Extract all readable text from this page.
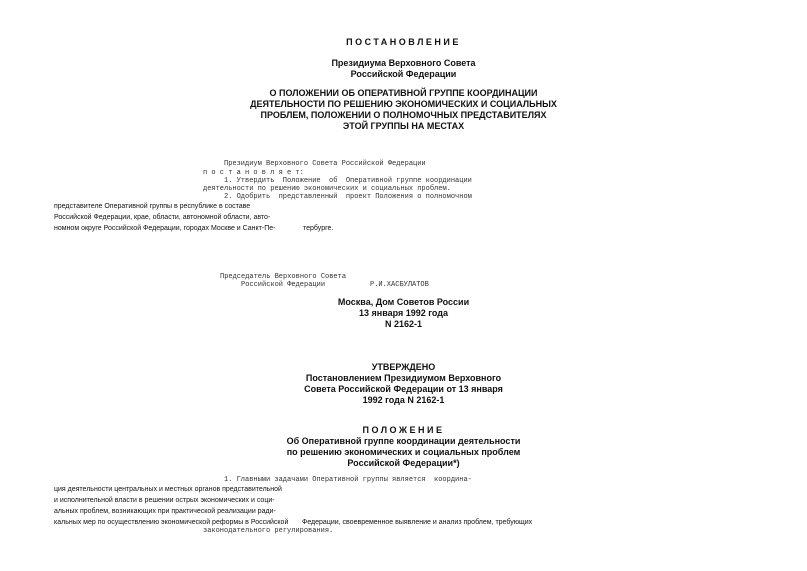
ПОСТАНОВЛЕНИЕ
Президиума Верховного Совета
Российской Федерации
О ПОЛОЖЕНИИ ОБ ОПЕРАТИВНОЙ ГРУППЕ КООРДИНАЦИИ
ДЕЯТЕЛЬНОСТИ ПО РЕШЕНИЮ ЭКОНОМИЧЕСКИХ И СОЦИАЛЬНЫХ
ПРОБЛЕМ, ПОЛОЖЕНИИ О ПОЛНОМОЧНЫХ ПРЕДСТАВИТЕЛЯХ
ЭТОЙ ГРУППЫ НА МЕСТАХ
Президиум Верховного Совета Российской Федерации
п о с т а н о в л я е т:
1. Утвердить  Положение  об  Оперативной группе координации
деятельности по решению экономических и социальных проблем.
2. Одобрить  представленный  проект Положения о полномочном
представителе Оперативной группы в республике в составе
Российской Федерации, крае, области, автономной области, авто-
номном округе Российской Федерации, городах Москве и Санкт-Пе-	тербурге.
Председатель Верховного Совета
Российской Федерации	Р.И.ХАСБУЛАТОВ
Москва, Дом Советов России
13 января 1992 года
N 2162-1
УТВЕРЖДЕНО
Постановлением Президиумом Верховного
Совета Российской Федерации от 13 января
1992 года N 2162-1
ПОЛОЖЕНИЕ
Об Оперативной группе координации деятельности
по решению экономических и социальных проблем
Российской Федерации*)
1. Главными задачами Оперативной группы является  координа-
ция деятельности центральных и местных органов представительной
и исполнительной власти в решении острых экономических и соци-
альных проблем, возникающих при практической реализации ради-
кальных мер по осуществлению экономической реформы в Российской Федерации, своевременное выявление и анализ проблем, требующих
законодательного регулирования.
